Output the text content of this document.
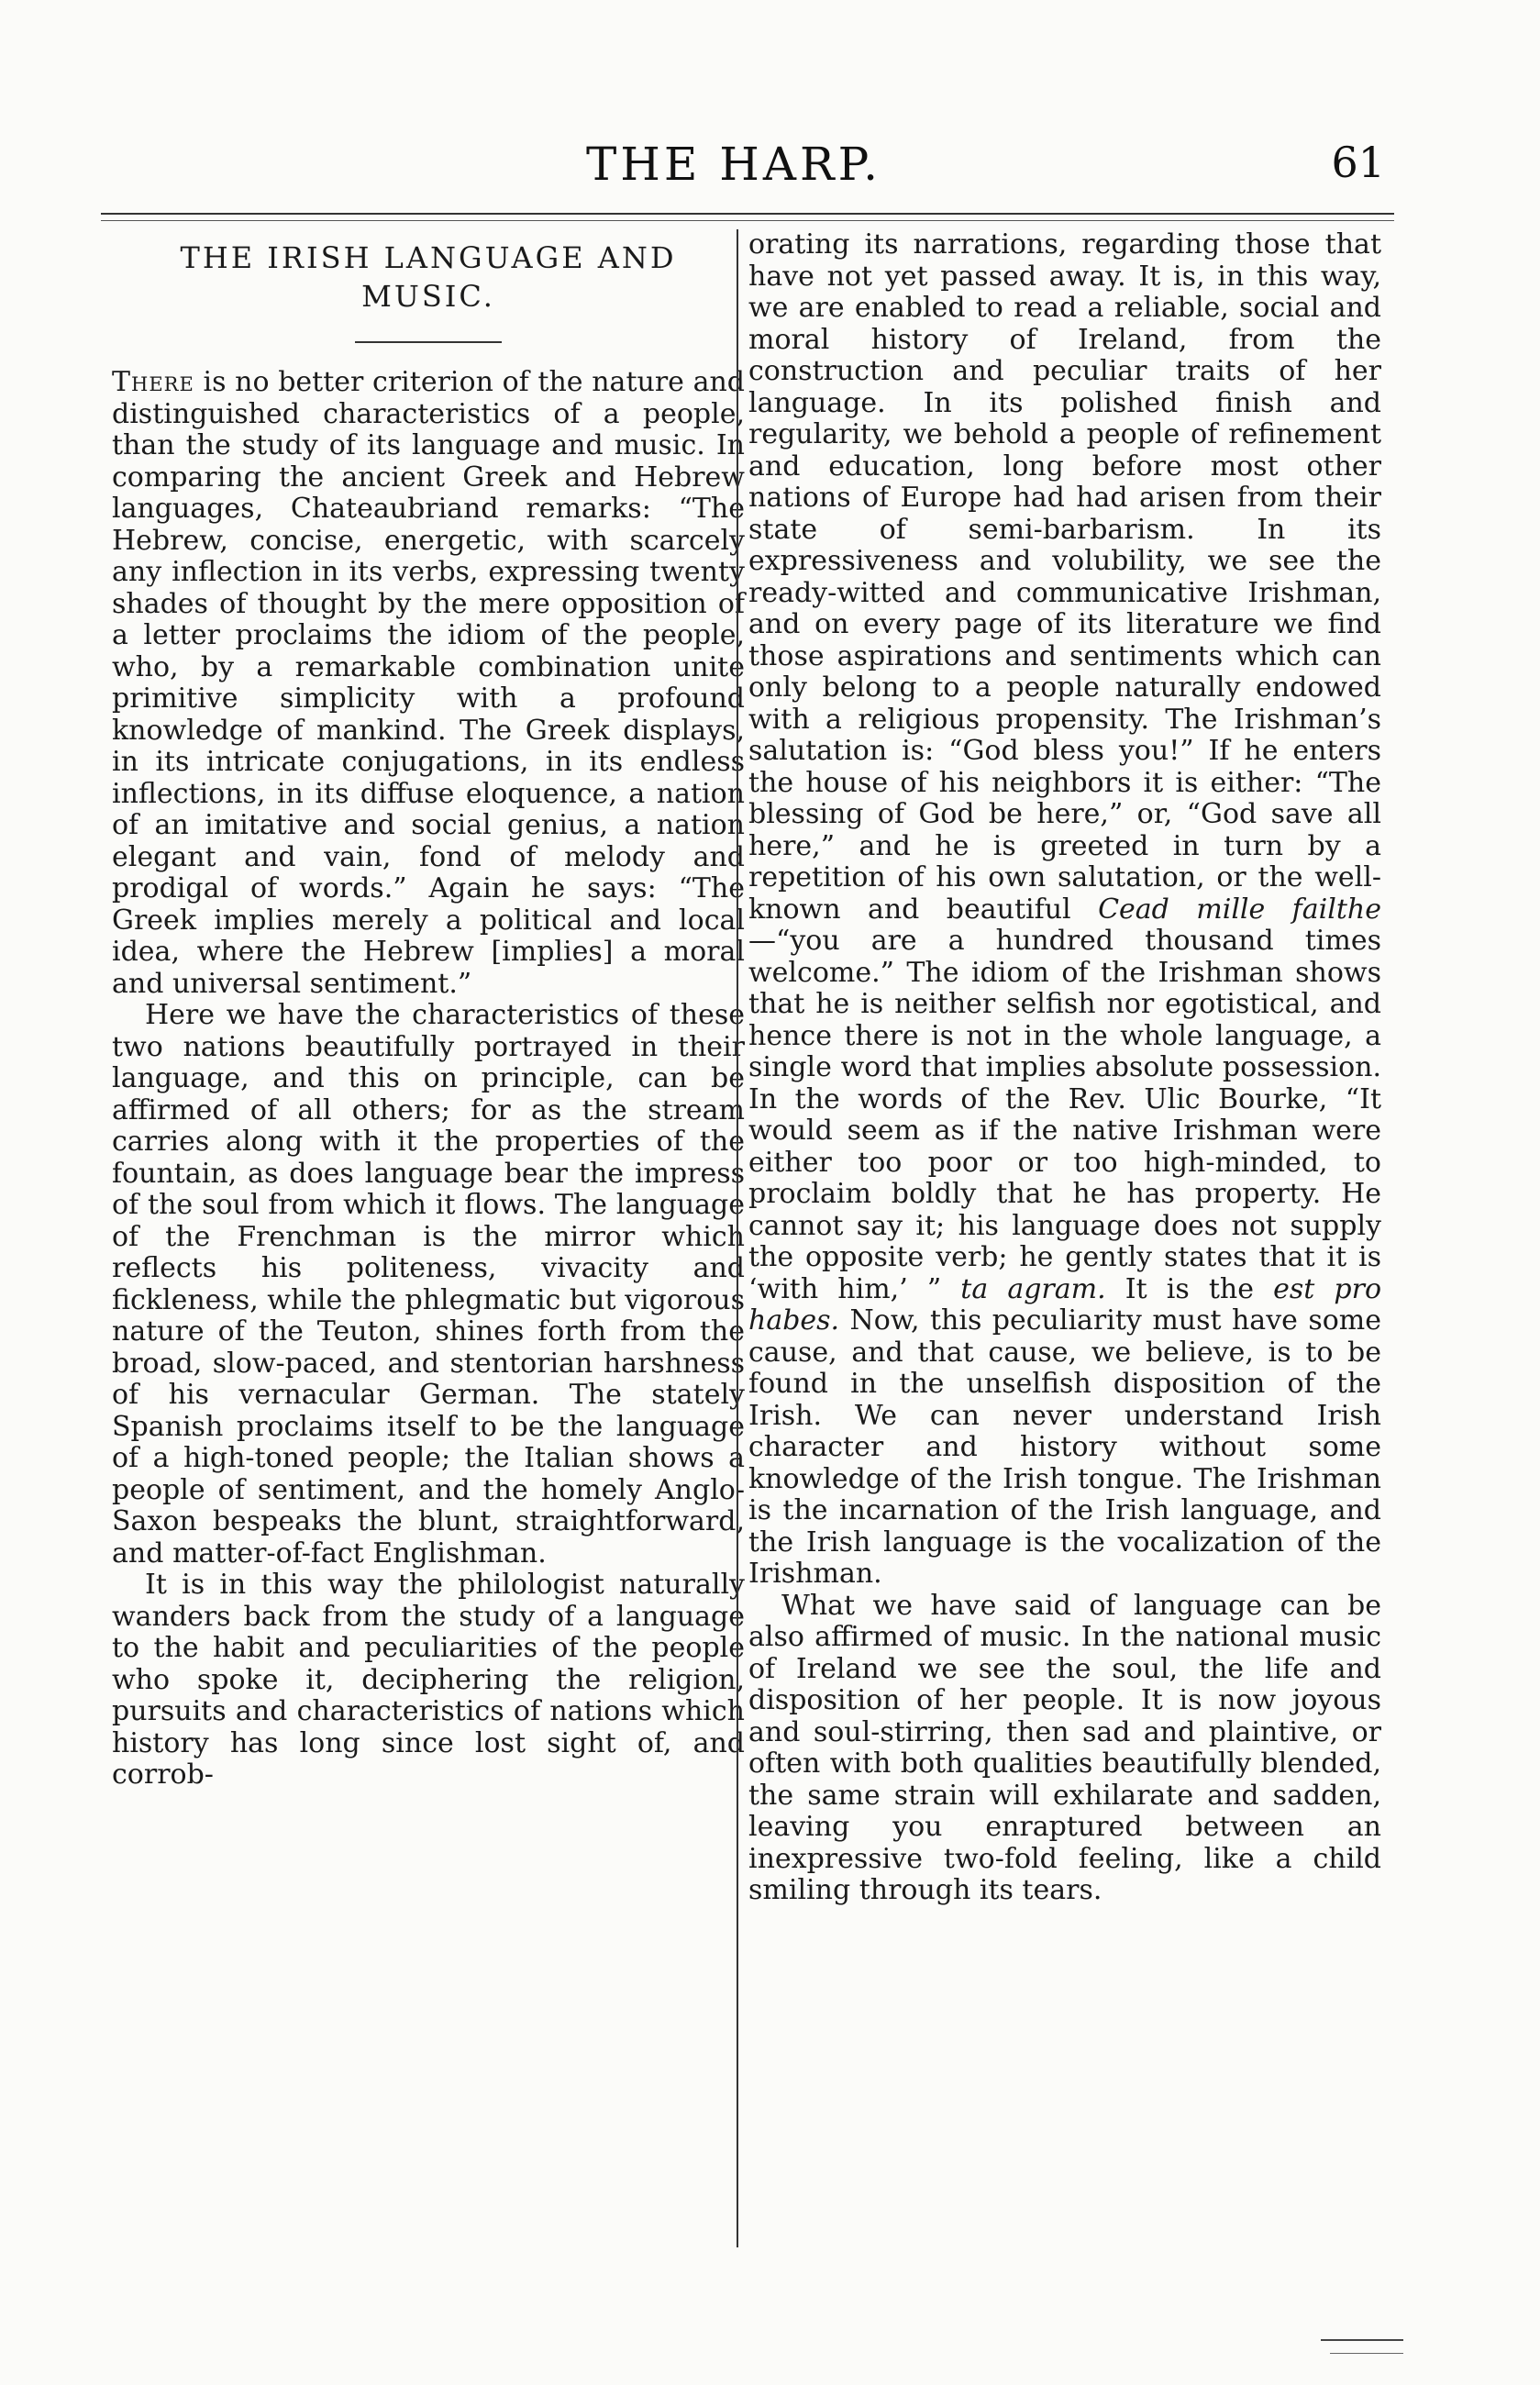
THE HARP.	61
THE IRISH LANGUAGE AND MUSIC.

There is no better criterion of the nature and distinguished characteristics of a people, than the study of its language and music. In comparing the ancient Greek and Hebrew languages, Chateaubriand remarks: “The Hebrew, concise, energetic, with scarcely any inflection in its verbs, expressing twenty shades of thought by the mere opposition of a letter proclaims the idiom of the people, who, by a remarkable combination unite primitive simplicity with a profound knowledge of mankind. The Greek displays, in its intricate conjugations, in its endless inflections, in its diffuse eloquence, a nation of an imitative and social genius, a nation elegant and vain, fond of melody and prodigal of words.” Again he says: “The Greek implies merely a political and local idea, where the Hebrew [implies] a moral and universal sentiment.”

Here we have the characteristics of these two nations beautifully portrayed in their language, and this on principle, can be affirmed of all others; for as the stream carries along with it the properties of the fountain, as does language bear the impress of the soul from which it flows. The language of the Frenchman is the mirror which reflects his politeness, vivacity and fickleness, while the phlegmatic but vigorous nature of the Teuton, shines forth from the broad, slow-paced, and stentorian harshness of his vernacular German. The stately Spanish proclaims itself to be the language of a high-toned people; the Italian shows a people of sentiment, and the homely Anglo-Saxon bespeaks the blunt, straightforward, and matter-of-fact Englishman.

It is in this way the philologist naturally wanders back from the study of a language to the habit and peculiarities of the people who spoke it, deciphering the religion, pursuits and characteristics of nations which history has long since lost sight of, and corrob-

orating its narrations, regarding those that have not yet passed away. It is, in this way, we are enabled to read a reliable, social and moral history of Ireland, from the construction and peculiar traits of her language. In its polished finish and regularity, we behold a people of refinement and education, long before most other nations of Europe had had arisen from their state of semi-barbarism. In its expressiveness and volubility, we see the ready-witted and communicative Irishman, and on every page of its literature we find those aspirations and sentiments which can only belong to a people naturally endowed with a religious propensity. The Irishman’s salutation is: “God bless you!” If he enters the house of his neighbors it is either: “The blessing of God be here,” or, “God save all here,” and he is greeted in turn by a repetition of his own salutation, or the well-known and beautiful Cead mille failthe—“you are a hundred thousand times welcome.” The idiom of the Irishman shows that he is neither selfish nor egotistical, and hence there is not in the whole language, a single word that implies absolute possession. In the words of the Rev. Ulic Bourke, “It would seem as if the native Irishman were either too poor or too high-minded, to proclaim boldly that he has property. He cannot say it; his language does not supply the opposite verb; he gently states that it is ‘with him,’ ” ta agram. It is the est pro habes. Now, this peculiarity must have some cause, and that cause, we believe, is to be found in the unselfish disposition of the Irish. We can never understand Irish character and history without some knowledge of the Irish tongue. The Irishman is the incarnation of the Irish language, and the Irish language is the vocalization of the Irishman.

What we have said of language can be also affirmed of music. In the national music of Ireland we see the soul, the life and disposition of her people. It is now joyous and soul-stirring, then sad and plaintive, or often with both qualities beautifully blended, the same strain will exhilarate and sadden, leaving you enraptured between an inexpressive two-fold feeling, like a child smiling through its tears.
